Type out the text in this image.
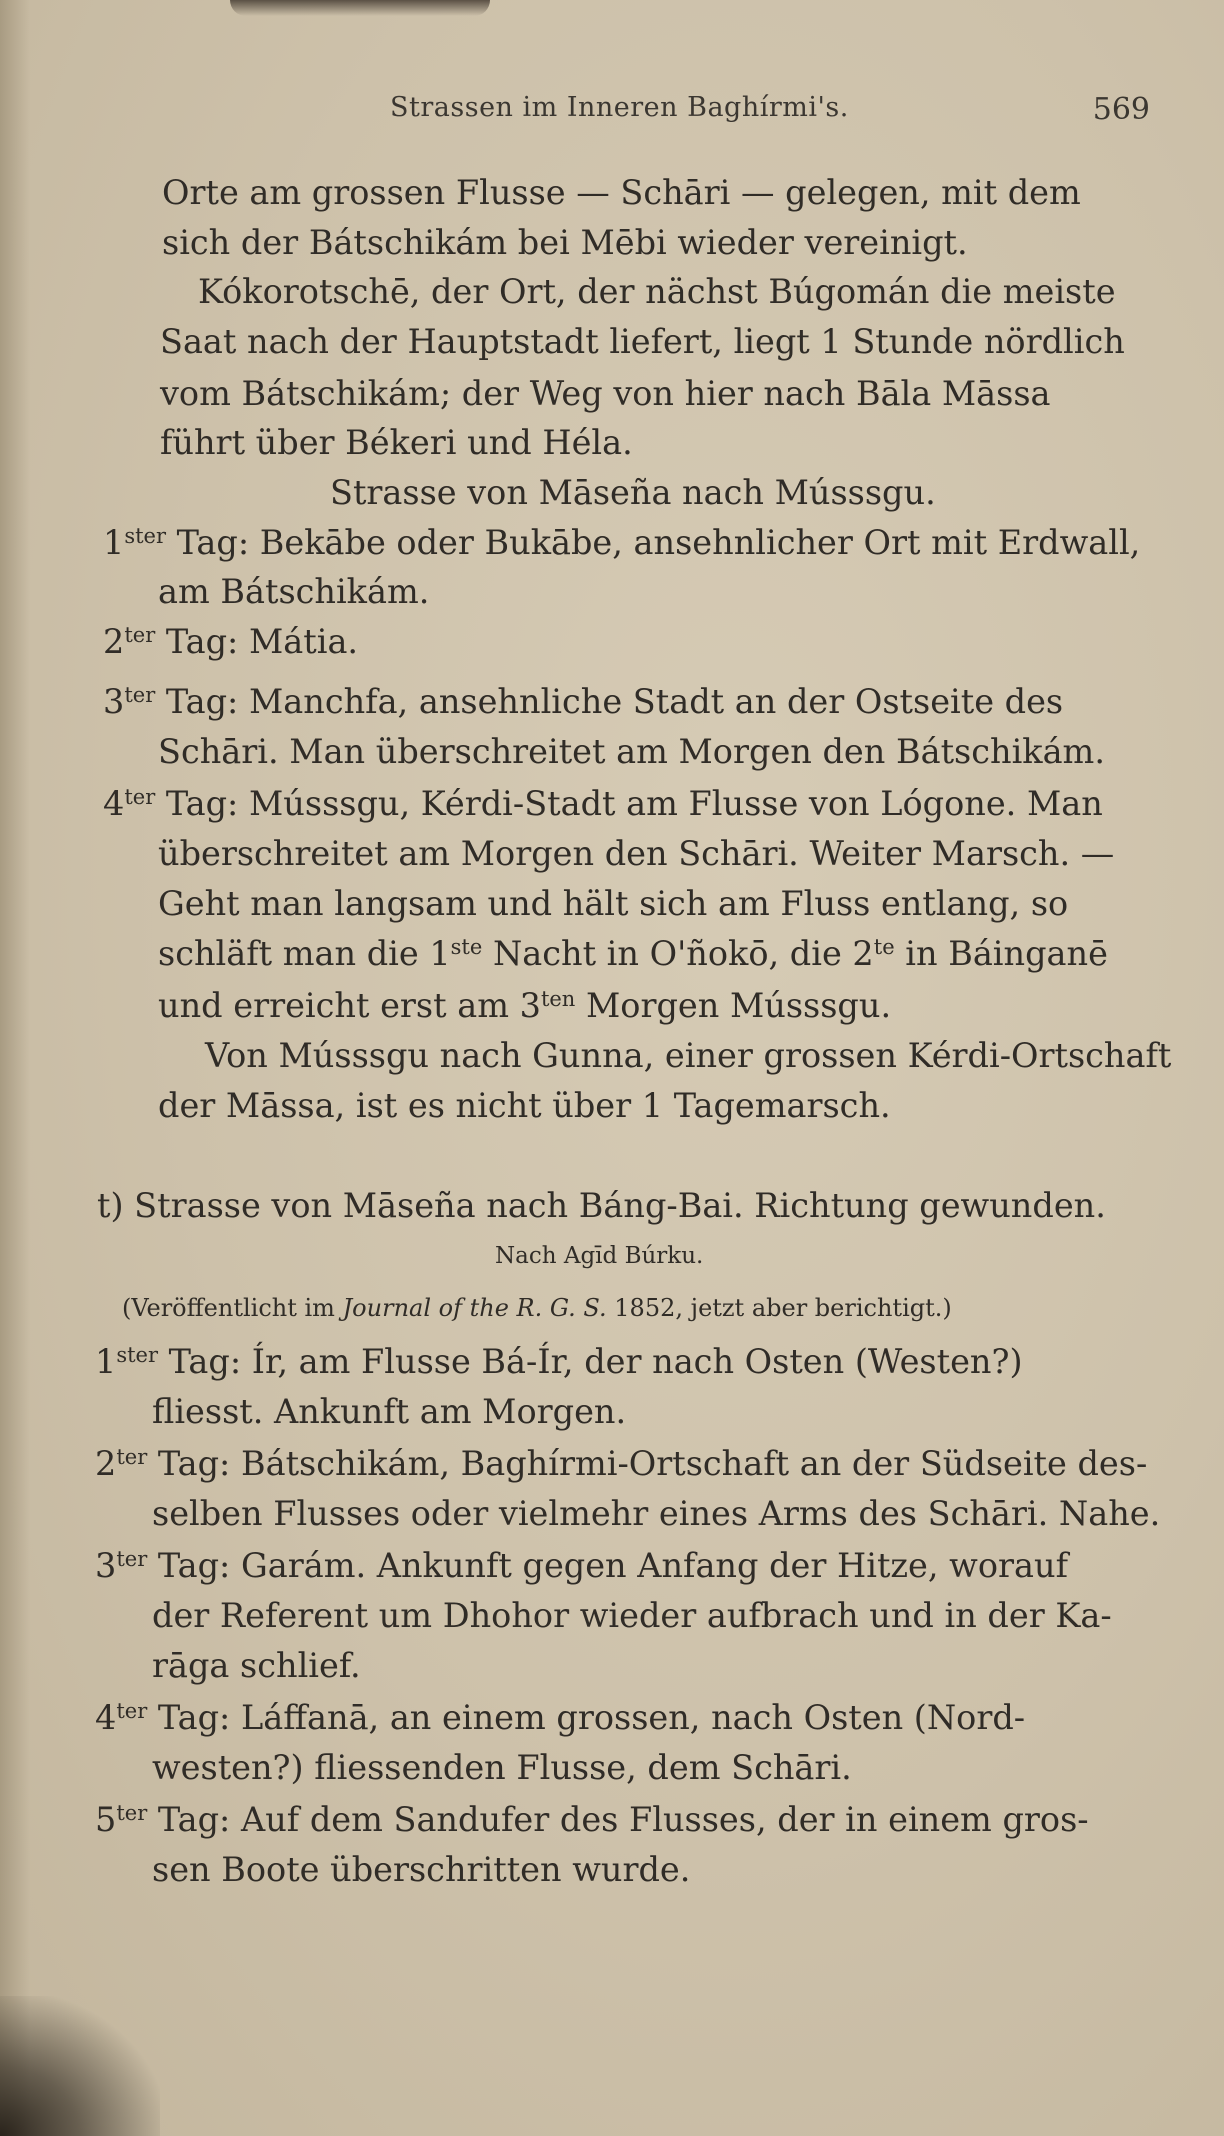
Strassen im Inneren Baghírmi's.	569
Orte am grossen Flusse — Schāri — gelegen, mit dem
sich der Bátschikám bei Mēbi wieder vereinigt.
Kókorotschē, der Ort, der nächst Búgomán die meiste
Saat nach der Hauptstadt liefert, liegt 1 Stunde nördlich
vom Bátschikám; der Weg von hier nach Bāla Māssa
führt über Békeri und Héla.
Strasse von Māseña nach Músssgu.
$1^{ster}$ Tag: Bekābe oder Bukābe, ansehnlicher Ort mit Erdwall,
am Bátschikám.
$2^{ter}$ Tag: Mátia.
$3^{ter}$ Tag: Manchfa, ansehnliche Stadt an der Ostseite des
Schāri. Man überschreitet am Morgen den Bátschikám.
$4^{ter}$ Tag: Músssgu, Kérdi-Stadt am Flusse von Lógone. Man
überschreitet am Morgen den Schāri. Weiter Marsch. —
Geht man langsam und hält sich am Fluss entlang, so
schläft man die 1ste Nacht in O'ñokō, die $2^{te}$ in Báinganē
und erreicht erst am $3^{ten}$ Morgen Músssgu.
Von Músssgu nach Gunna, einer grossen Kérdi-Ortschaft
der Māssa, ist es nicht über 1 Tagemarsch.
t) Strasse von Māseña nach Báng-Bai. Richtung gewunden.
Nach Agīd Búrku.
(Veröffentlicht im Journal of the R. G. S. 1852, jetzt aber berichtigt.)
$1^{ster}$ Tag: Ír, am Flusse Bá-Ír, der nach Osten (Westen?)
fliesst. Ankunft am Morgen.
$2^{ter}$ Tag: Bátschikám, Baghírmi-Ortschaft an der Südseite des-
selben Flusses oder vielmehr eines Arms des Schāri. Nahe.
$3^{ter}$ Tag: Garám. Ankunft gegen Anfang der Hitze, worauf
der Referent um Dhohor wieder aufbrach und in der Ka-
rāga schlief.
$4^{ter}$ Tag: Láffanā, an einem grossen, nach Osten (Nord-
westen?) fliessenden Flusse, dem Schāri.
$5^{ter}$ Tag: Auf dem Sandufer des Flusses, der in einem gros-
sen Boote überschritten wurde.
